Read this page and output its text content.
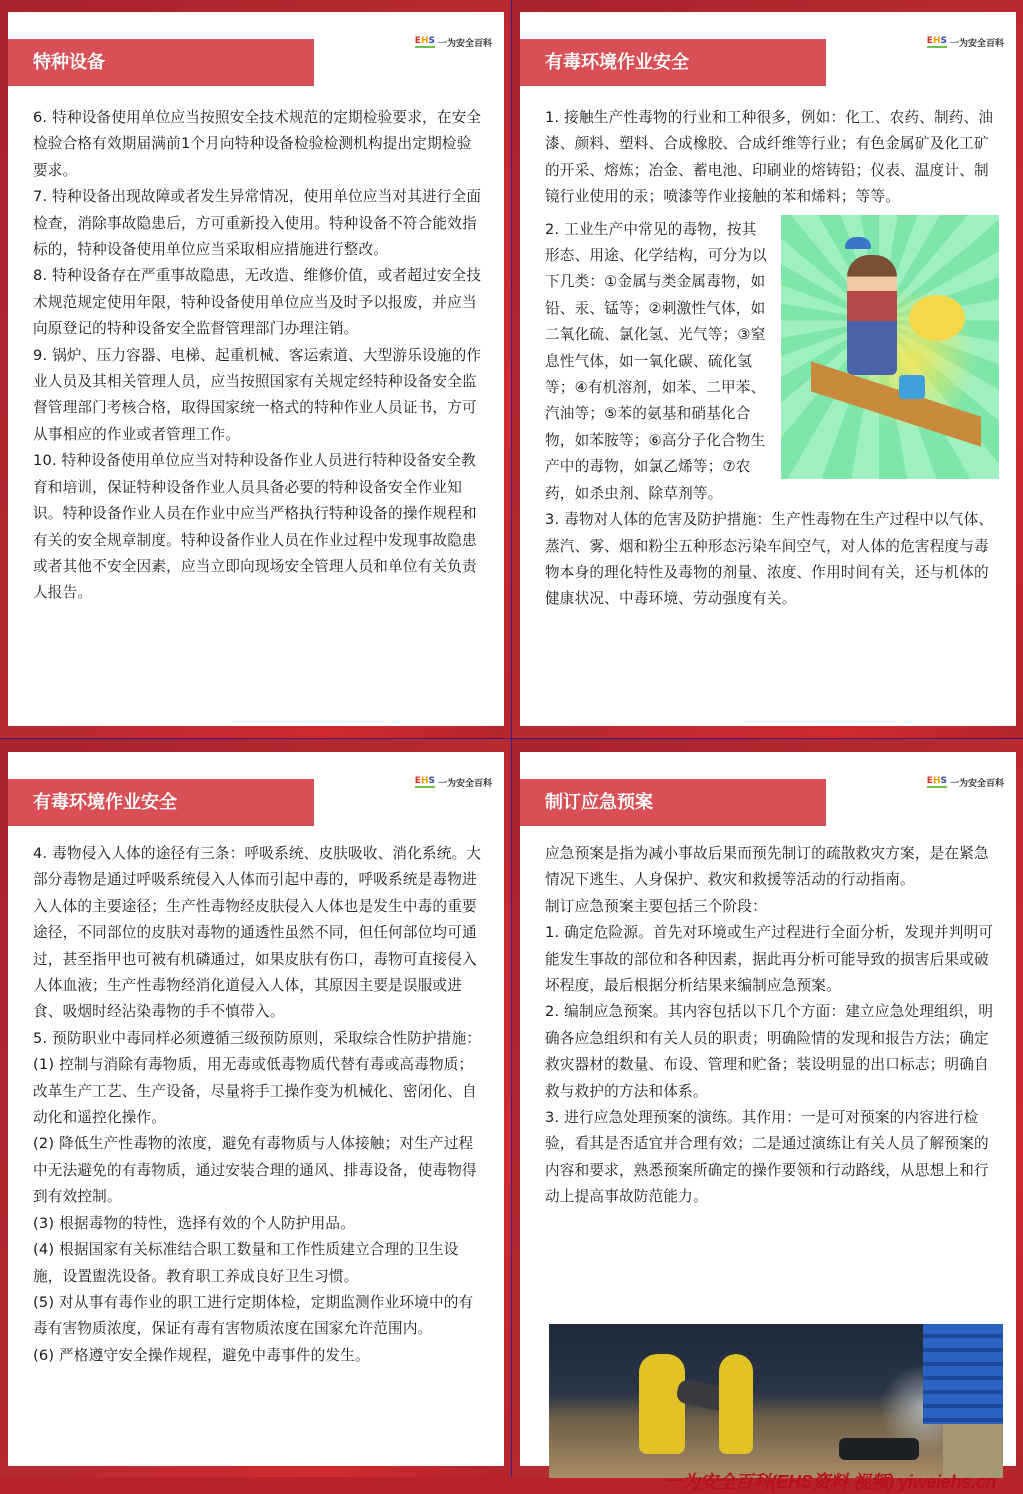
EHS 一为安全百科
特种设备

6. 特种设备使用单位应当按照安全技术规范的定期检验要求，在安全检验合格有效期届满前1个月向特种设备检验检测机构提出定期检验要求。

7. 特种设备出现故障或者发生异常情况，使用单位应当对其进行全面检查，消除事故隐患后，方可重新投入使用。特种设备不符合能效指标的，特种设备使用单位应当采取相应措施进行整改。

8. 特种设备存在严重事故隐患，无改造、维修价值，或者超过安全技术规范规定使用年限，特种设备使用单位应当及时予以报废，并应当向原登记的特种设备安全监督管理部门办理注销。

9. 锅炉、压力容器、电梯、起重机械、客运索道、大型游乐设施的作业人员及其相关管理人员，应当按照国家有关规定经特种设备安全监督管理部门考核合格，取得国家统一格式的特种作业人员证书，方可从事相应的作业或者管理工作。

10. 特种设备使用单位应当对特种设备作业人员进行特种设备安全教育和培训，保证特种设备作业人员具备必要的特种设备安全作业知识。特种设备作业人员在作业中应当严格执行特种设备的操作规程和有关的安全规章制度。特种设备作业人员在作业过程中发现事故隐患或者其他不安全因素，应当立即向现场安全管理人员和单位有关负责人报告。

EHS 一为安全百科
有毒环境作业安全

1. 接触生产性毒物的行业和工种很多，例如：化工、农药、制药、油漆、颜料、塑料、合成橡胶、合成纤维等行业；有色金属矿及化工矿的开采、熔炼；冶金、蓄电池、印刷业的熔铸铅；仪表、温度计、制镜行业使用的汞；喷漆等作业接触的苯和烯料；等等。

2. 工业生产中常见的毒物，按其形态、用途、化学结构，可分为以下几类：①金属与类金属毒物，如铅、汞、锰等；②刺激性气体，如二氧化硫、氯化氢、光气等；③窒息性气体，如一氧化碳、硫化氢等；④有机溶剂，如苯、二甲苯、汽油等；⑤苯的氨基和硝基化合物，如苯胺等；⑥高分子化合物生产中的毒物，如氯乙烯等；⑦农药，如杀虫剂、除草剂等。

3. 毒物对人体的危害及防护措施：生产性毒物在生产过程中以气体、蒸汽、雾、烟和粉尘五种形态污染车间空气，对人体的危害程度与毒物本身的理化特性及毒物的剂量、浓度、作用时间有关，还与机体的健康状况、中毒环境、劳动强度有关。

EHS 一为安全百科
有毒环境作业安全

4. 毒物侵入人体的途径有三条：呼吸系统、皮肤吸收、消化系统。大部分毒物是通过呼吸系统侵入人体而引起中毒的，呼吸系统是毒物进入人体的主要途径；生产性毒物经皮肤侵入人体也是发生中毒的重要途径，不同部位的皮肤对毒物的通透性虽然不同，但任何部位均可通过，甚至指甲也可被有机磷通过，如果皮肤有伤口，毒物可直接侵入人体血液；生产性毒物经消化道侵入人体，其原因主要是误服或进食、吸烟时经沾染毒物的手不慎带入。

5. 预防职业中毒同样必须遵循三级预防原则，采取综合性防护措施：

(1) 控制与消除有毒物质，用无毒或低毒物质代替有毒或高毒物质；改革生产工艺、生产设备，尽量将手工操作变为机械化、密闭化、自动化和遥控化操作。

(2) 降低生产性毒物的浓度，避免有毒物质与人体接触；对生产过程中无法避免的有毒物质，通过安装合理的通风、排毒设备，使毒物得到有效控制。

(3) 根据毒物的特性，选择有效的个人防护用品。

(4) 根据国家有关标准结合职工数量和工作性质建立合理的卫生设施，设置盥洗设备。教育职工养成良好卫生习惯。

(5) 对从事有毒作业的职工进行定期体检，定期监测作业环境中的有毒有害物质浓度，保证有毒有害物质浓度在国家允许范围内。

(6) 严格遵守安全操作规程，避免中毒事件的发生。

EHS 一为安全百科
制订应急预案

应急预案是指为减小事故后果而预先制订的疏散救灾方案，是在紧急情况下逃生、人身保护、救灾和救援等活动的行动指南。

制订应急预案主要包括三个阶段：

1. 确定危险源。首先对环境或生产过程进行全面分析，发现并判明可能发生事故的部位和各种因素，据此再分析可能导致的损害后果或破坏程度，最后根据分析结果来编制应急预案。

2. 编制应急预案。其内容包括以下几个方面：建立应急处理组织，明确各应急组织和有关人员的职责；明确险情的发现和报告方法；确定救灾器材的数量、布设、管理和贮备；装设明显的出口标志；明确自救与救护的方法和体系。

3. 进行应急处理预案的演练。其作用：一是可对预案的内容进行检验，看其是否适宜并合理有效；二是通过演练让有关人员了解预案的内容和要求，熟悉预案所确定的操作要领和行动路线，从思想上和行动上提高事故防范能力。

一为安全百科(EHS资料 视频) yiweiehs.cn
